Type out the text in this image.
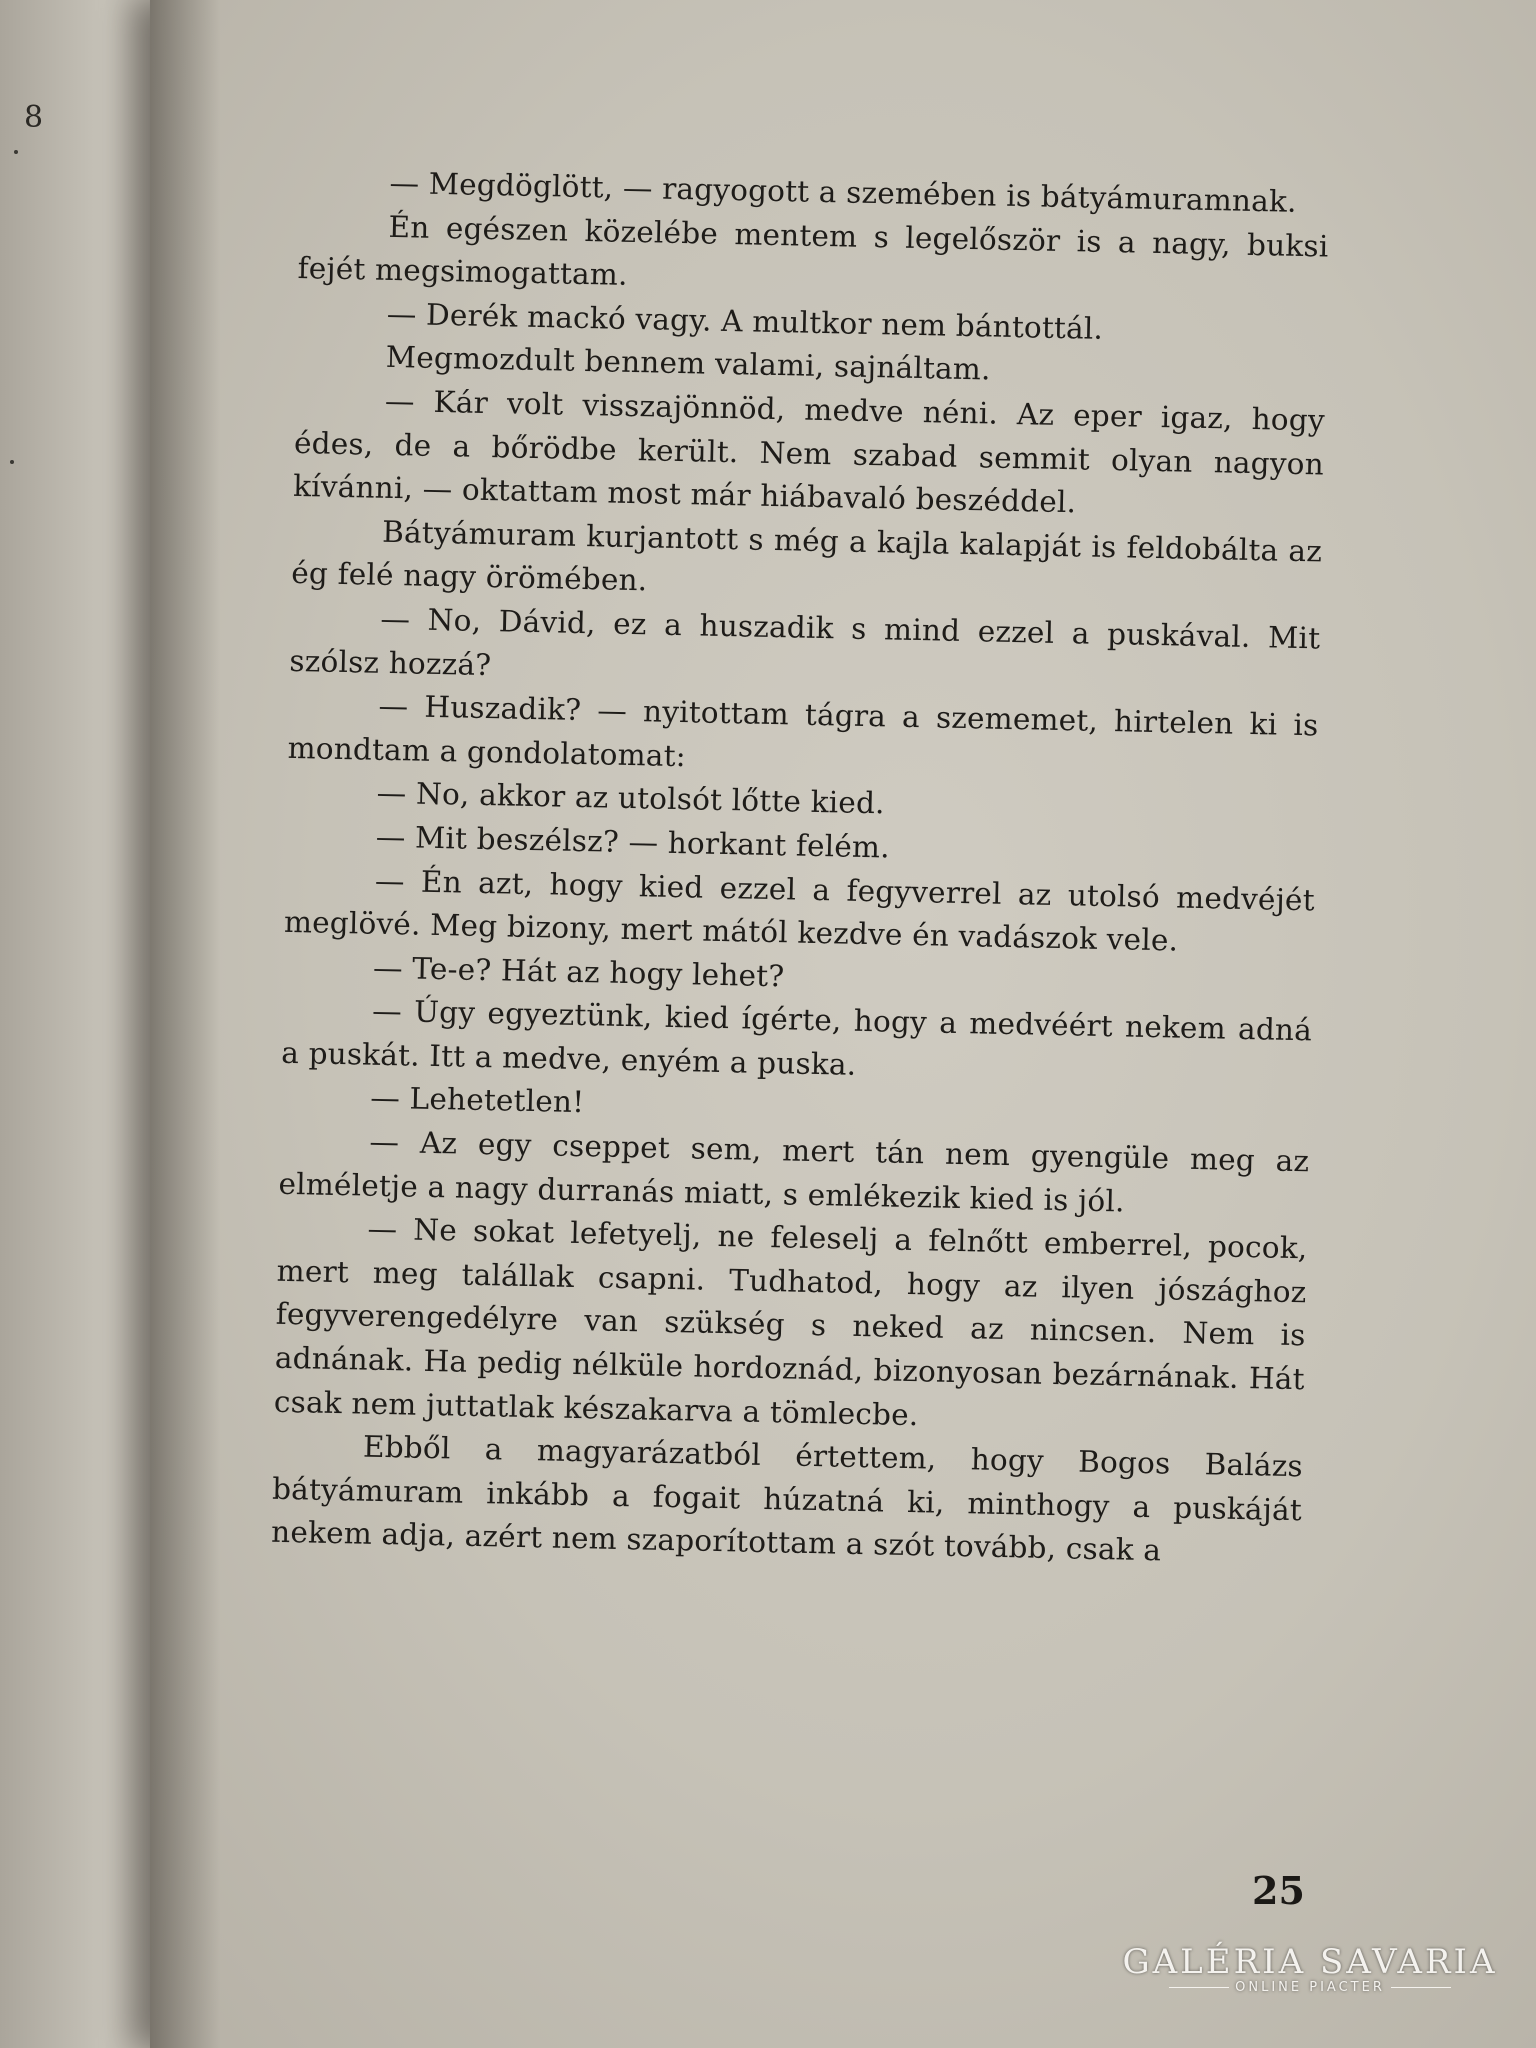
8

— Megdöglött, — ragyogott a szemében is bátyámuramnak.

Én egészen közelébe mentem s legelőször is a nagy, buksi fejét megsimogattam.

— Derék mackó vagy. A multkor nem bántottál.

Megmozdult bennem valami, sajnáltam.

— Kár volt visszajönnöd, medve néni. Az eper igaz, hogy édes, de a bőrödbe került. Nem szabad semmit olyan nagyon kívánni, — oktattam most már hiábavaló beszéddel.

Bátyámuram kurjantott s még a kajla kalapját is feldobálta az ég felé nagy örömében.

— No, Dávid, ez a huszadik s mind ezzel a puskával. Mit szólsz hozzá?

— Huszadik? — nyitottam tágra a szememet, hirtelen ki is mondtam a gondolatomat:

— No, akkor az utolsót lőtte kied.

— Mit beszélsz? — horkant felém.

— Én azt, hogy kied ezzel a fegyverrel az utolsó medvéjét meglövé. Meg bizony, mert mától kezdve én vadászok vele.

— Te-e? Hát az hogy lehet?

— Úgy egyeztünk, kied ígérte, hogy a medvéért nekem adná a puskát. Itt a medve, enyém a puska.

— Lehetetlen!

— Az egy cseppet sem, mert tán nem gyengüle meg az elméletje a nagy durranás miatt, s emlékezik kied is jól.

— Ne sokat lefetyelj, ne feleselj a felnőtt emberrel, pocok, mert meg talállak csapni. Tudhatod, hogy az ilyen jószághoz fegyverengedélyre van szükség s neked az nincsen. Nem is adnának. Ha pedig nélküle hordoznád, bizonyosan bezárnának. Hát csak nem juttatlak készakarva a tömlecbe.

Ebből a magyarázatból értettem, hogy Bogos Balázs bátyámuram inkább a fogait húzatná ki, minthogy a puskáját nekem adja, azért nem szaporítottam a szót tovább, csak a

25
GALÉRIA SAVARIA
ONLINE PIACTER
